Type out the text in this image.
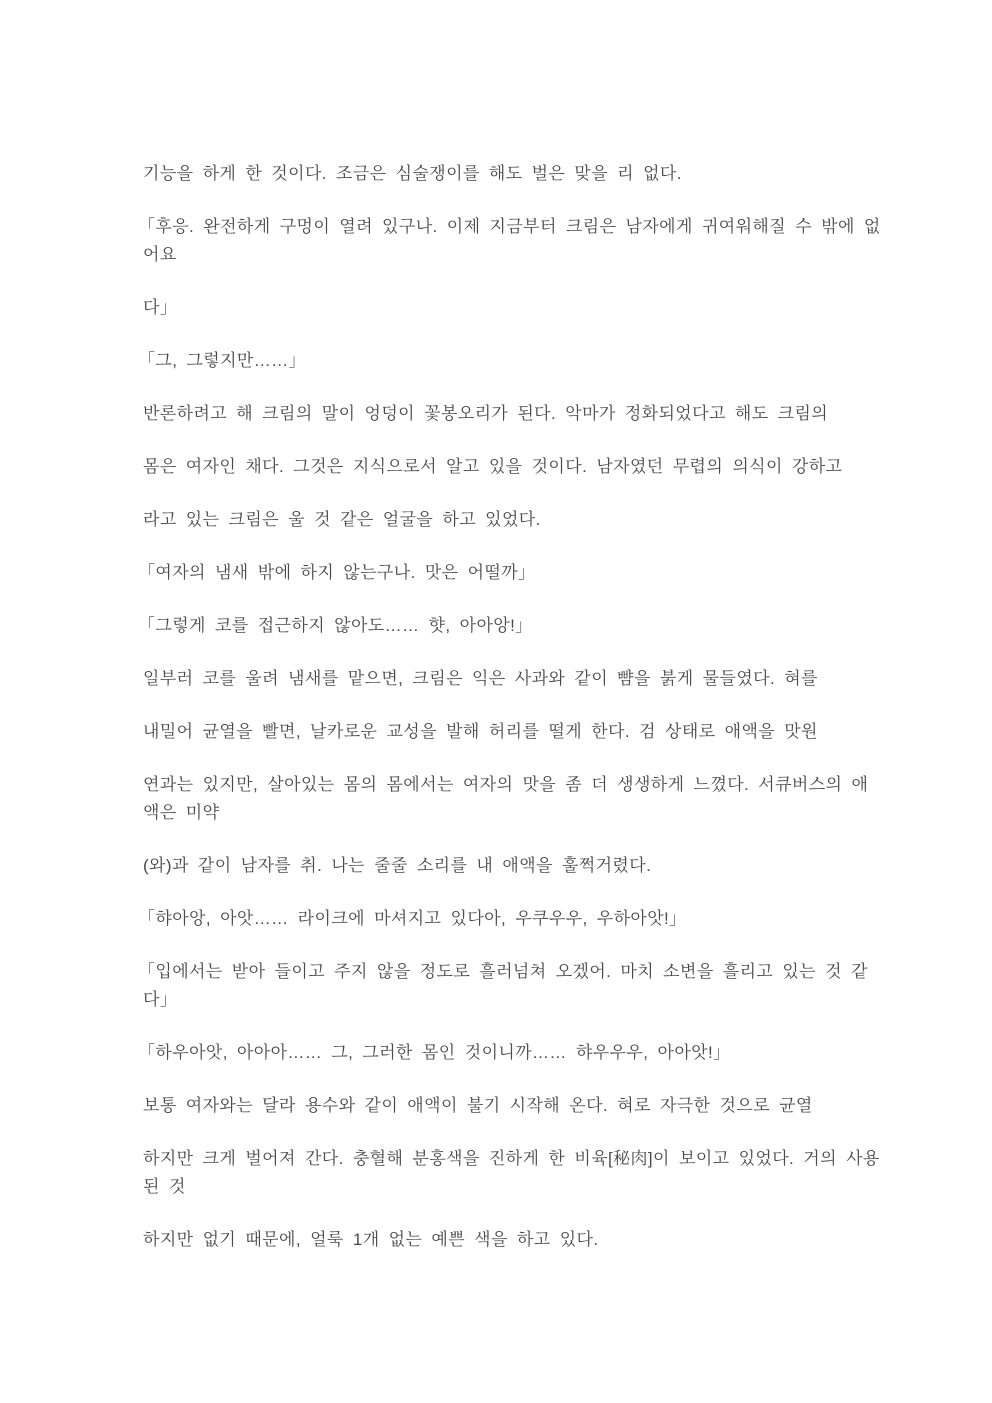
기능을 하게 한 것이다. 조금은 심술쟁이를 해도 벌은 맞을 리 없다.
「후응. 완전하게 구멍이 열려 있구나. 이제 지금부터 크림은 남자에게 귀여워해질 수 밖에 없
어요
다」
「그, 그렇지만……」
반론하려고 해 크림의 말이 엉덩이 꽃봉오리가 된다. 악마가 정화되었다고 해도 크림의
몸은 여자인 채다. 그것은 지식으로서 알고 있을 것이다. 남자였던 무렵의 의식이 강하고
라고 있는 크림은 울 것 같은 얼굴을 하고 있었다.
「여자의 냄새 밖에 하지 않는구나. 맛은 어떨까」
「그렇게 코를 접근하지 않아도…… 햣, 아아앙!」
일부러 코를 울려 냄새를 맡으면, 크림은 익은 사과와 같이 뺨을 붉게 물들였다. 혀를
내밀어 균열을 빨면, 날카로운 교성을 발해 허리를 떨게 한다. 검 상태로 애액을 맛원
연과는 있지만, 살아있는 몸의 몸에서는 여자의 맛을 좀 더 생생하게 느꼈다. 서큐버스의 애
액은 미약
(와)과 같이 남자를 취. 나는 줄줄 소리를 내 애액을 훌쩍거렸다.
「햐아앙, 아앗…… 라이크에 마셔지고 있다아, 우쿠우우, 우하아앗!」
「입에서는 받아 들이고 주지 않을 정도로 흘러넘쳐 오겠어. 마치 소변을 흘리고 있는 것 같
다」
「하우아앗, 아아아…… 그, 그러한 몸인 것이니까…… 햐우우우, 아아앗!」
보통 여자와는 달라 용수와 같이 애액이 불기 시작해 온다. 혀로 자극한 것으로 균열
하지만 크게 벌어져 간다. 충혈해 분홍색을 진하게 한 비육[秘肉]이 보이고 있었다. 거의 사용
된 것
하지만 없기 때문에, 얼룩 1개 없는 예쁜 색을 하고 있다.
